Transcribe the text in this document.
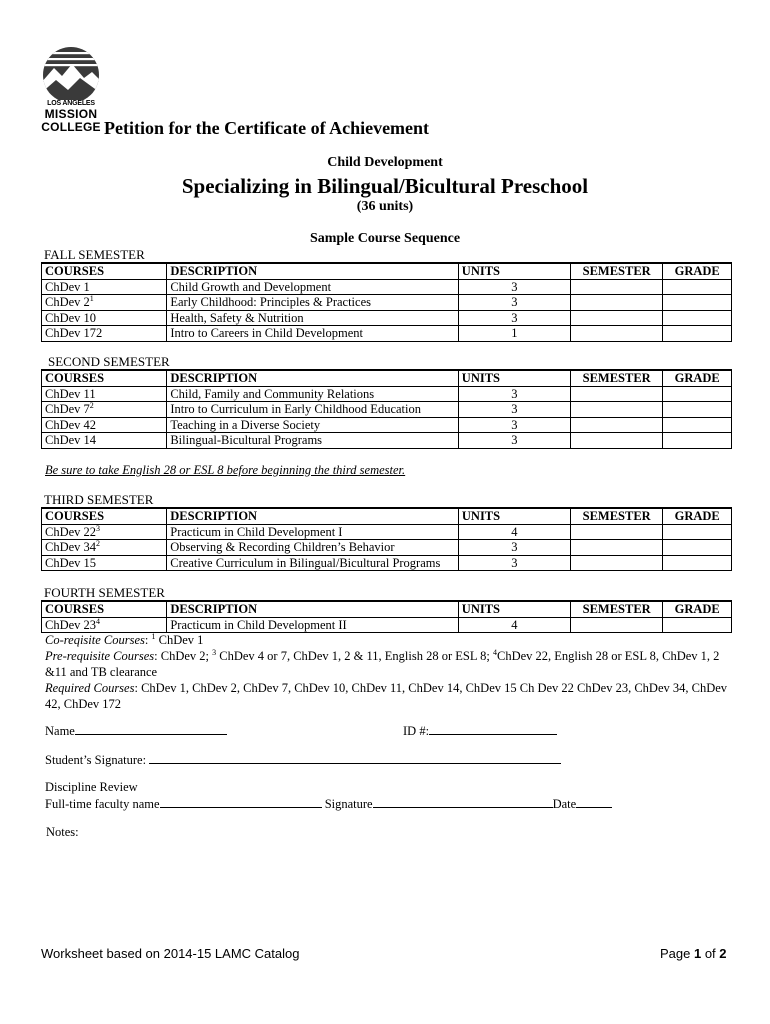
LOS ANGELES
MISSION
COLLEGE Petition for the Certificate of Achievement
Child Development
Specializing in Bilingual/Bicultural Preschool
(36 units)
Sample Course Sequence
FALL SEMESTER
COURSES	DESCRIPTION	UNITS	SEMESTER	GRADE
ChDev 1	Child Growth and Development	3		
ChDev $2^1$	Early Childhood: Principles & Practices	3		
ChDev 10	Health, Safety & Nutrition	3		
ChDev 172	Intro to Careers in Child Development	1		
SECOND SEMESTER
COURSES	DESCRIPTION	UNITS	SEMESTER	GRADE
ChDev 11	Child, Family and Community Relations	3		
ChDev $7^2$	Intro to Curriculum in Early Childhood Education	3		
ChDev 42	Teaching in a Diverse Society	3		
ChDev 14	Bilingual-Bicultural Programs	3		
THIRD SEMESTER
COURSES	DESCRIPTION	UNITS	SEMESTER	GRADE
ChDev $22^3$	Practicum in Child Development I	4		
ChDev $34^2$	Observing & Recording Children’s Behavior	3		
ChDev 15	Creative Curriculum in Bilingual/Bicultural Programs	3		
FOURTH SEMESTER
COURSES	DESCRIPTION	UNITS	SEMESTER	GRADE
ChDev $23^4$	Practicum in Child Development II	4		
Be sure to take English 28 or ESL 8 before beginning the third semester.
Co-reqisite Courses: $^1$ ChDev 1
Pre-requisite Courses: ChDev 2; $^3$ ChDev 4 or 7, ChDev 1, 2 & 11, English 28 or ESL 8; $^4$ChDev 22, English 28 or ESL 8, ChDev 1, 2 &11 and TB clearance
Required Courses: ChDev 1, ChDev 2, ChDev 7, ChDev 10, ChDev 11, ChDev 14, ChDev 15 Ch Dev 22 ChDev 23, ChDev 34, ChDev 42, ChDev 172
Name	ID #:
Student’s Signature:
Discipline Review
Full-time faculty name	Signature	Date
Notes:
Worksheet based on 2014-15 LAMC Catalog	Page 1 of 2
